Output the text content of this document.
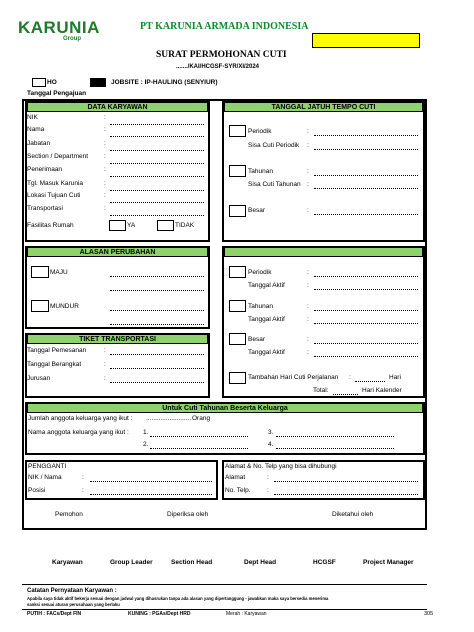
KARUNIA
Group
PT KARUNIA ARMADA INDONESIA
SURAT PERMOHONAN CUTI
......./KAI/HCGSF-SYR/XI/2024
HO	JOBSITE : IP-HAULING (SENYIUR)
Tanggal Pengajuan
DATA KARYAWAN
NIK	:
Nama	:
Jabatan	:
Section / Department :
Penerimaan	:
Tgl. Masuk Karunia	:
Lokasi Tujuan Cuti	:
Transportasi	:
Fasilitas Rumah	YA	TIDAK
TANGGAL JATUH TEMPO CUTI
Periodik	:
Sisa Cuti Periodik :
Tahunan	:
Sisa Cuti Tahunan :
Besar	:
ALASAN PERUBAHAN
MAJU
MUNDUR
Periodik	:
Tanggal Aktif	:
Tahunan	:
Tanggal Aktif	:
Besar	:
Tanggal Aktif	:
Tambahan Hari Cuti Perjalanan :	Hari
Total:	Hari Kalender
TIKET TRANSPORTASI
Tanggal Pemesanan	:
Tanggal Berangkat	:
Jurusan	:
Untuk Cuti Tahunan Beserta Keluarga
Jumlah anggota keluarga yang ikut : ......................... Orang
Nama anggota keluarga yang ikut : 1.
2.
3.
4.
PENGGANTI
NIK / Nama	:
Posisi	:
Alamat & No. Telp yang bisa dihubungi
Alamat	:
No. Telp.	:
Pemohon	Diperiksa oleh	Diketahui oleh
Karyawan	Group Leader	Section Head	Dept Head	HCGSF	Project Manager
Catatan Pernyataan Karyawan :
Apabila saya tidak aktif bekerja sesuai dengan jadwal yang dihasrukan tanpa ada alasan yang dipertanggung - jawabkan maka saya bersedia menerima
sanksi sesuai aturan perusahaan yang berlaku
PUTIH : FACs/Dept FIN	KUNING : PGAs/Dept HRD	Merah : Karyawan	305
